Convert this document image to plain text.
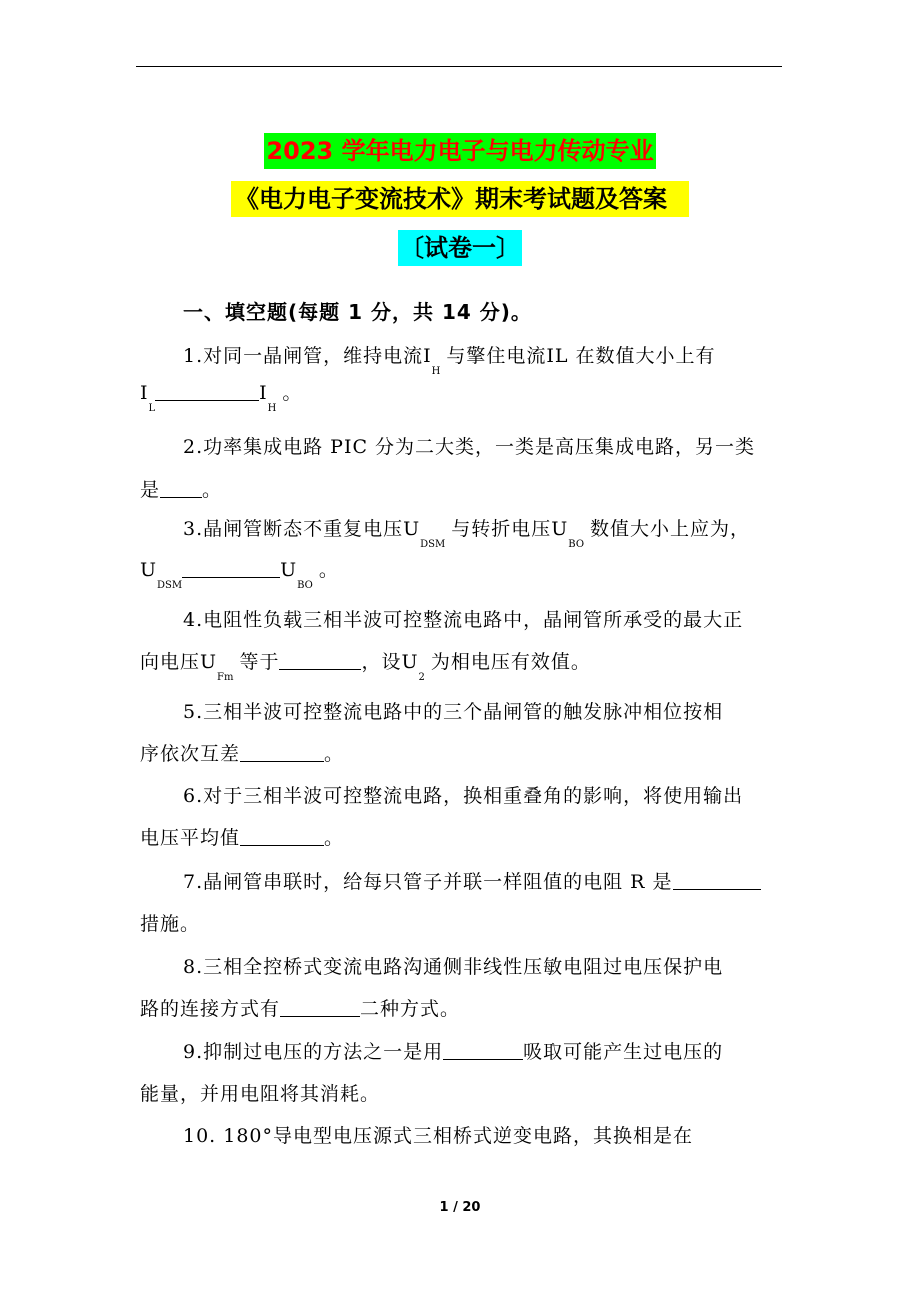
2023 学年电力电子与电力传动专业
《电力电子变流技术》期末考试题及答案
〔试卷一〕
一、填空题(每题 1 分，共 14 分)。
1.对同一晶闸管，维持电流$I_H$与擎住电流IL 在数值大小上有
$I_LI_H$。
2.功率集成电路 PIC 分为二大类，一类是高压集成电路，另一类
是 。
3.晶闸管断态不重复电压$U_{DSM}$与转折电压$U_{BO}$数值大小上应为，
$U_{DSM}U_{BO}$。
4.电阻性负载三相半波可控整流电路中，晶闸管所承受的最大正
向电压$U_{Fm}$等于	，设$U_2$为相电压有效值。
5.三相半波可控整流电路中的三个晶闸管的触发脉冲相位按相
序依次互差	。
6.对于三相半波可控整流电路，换相重叠角的影响，将使用输出
电压平均值	。
7.晶闸管串联时，给每只管子并联一样阻值的电阻 R 是
措施。
8.三相全控桥式变流电路沟通侧非线性压敏电阻过电压保护电
路的连接方式有	二种方式。
9.抑制过电压的方法之一是用	吸取可能产生过电压的
能量，并用电阻将其消耗。
10. 180°导电型电压源式三相桥式逆变电路，其换相是在
1 / 20
